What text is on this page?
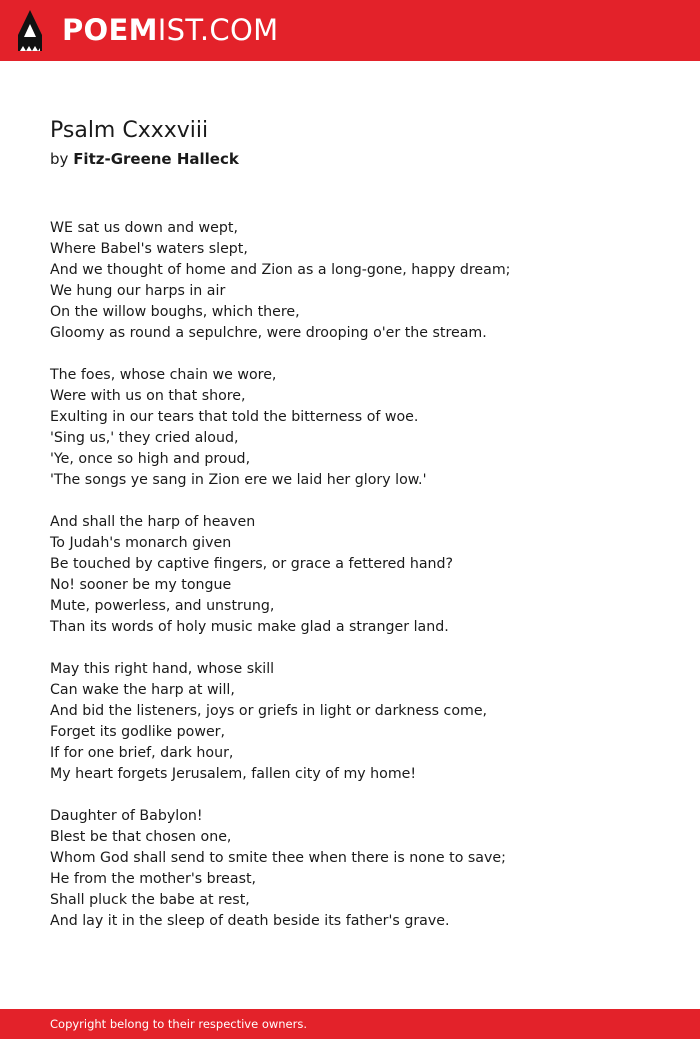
POEMIST.COM
Psalm Cxxxviii
by Fitz-Greene Halleck
WE sat us down and wept,
Where Babel's waters slept,
And we thought of home and Zion as a long-gone, happy dream;
We hung our harps in air
On the willow boughs, which there,
Gloomy as round a sepulchre, were drooping o'er the stream.
The foes, whose chain we wore,
Were with us on that shore,
Exulting in our tears that told the bitterness of woe.
'Sing us,' they cried aloud,
'Ye, once so high and proud,
'The songs ye sang in Zion ere we laid her glory low.'
And shall the harp of heaven
To Judah's monarch given
Be touched by captive fingers, or grace a fettered hand?
No! sooner be my tongue
Mute, powerless, and unstrung,
Than its words of holy music make glad a stranger land.
May this right hand, whose skill
Can wake the harp at will,
And bid the listeners, joys or griefs in light or darkness come,
Forget its godlike power,
If for one brief, dark hour,
My heart forgets Jerusalem, fallen city of my home!
Daughter of Babylon!
Blest be that chosen one,
Whom God shall send to smite thee when there is none to save;
He from the mother's breast,
Shall pluck the babe at rest,
And lay it in the sleep of death beside its father's grave.
Copyright belong to their respective owners.
